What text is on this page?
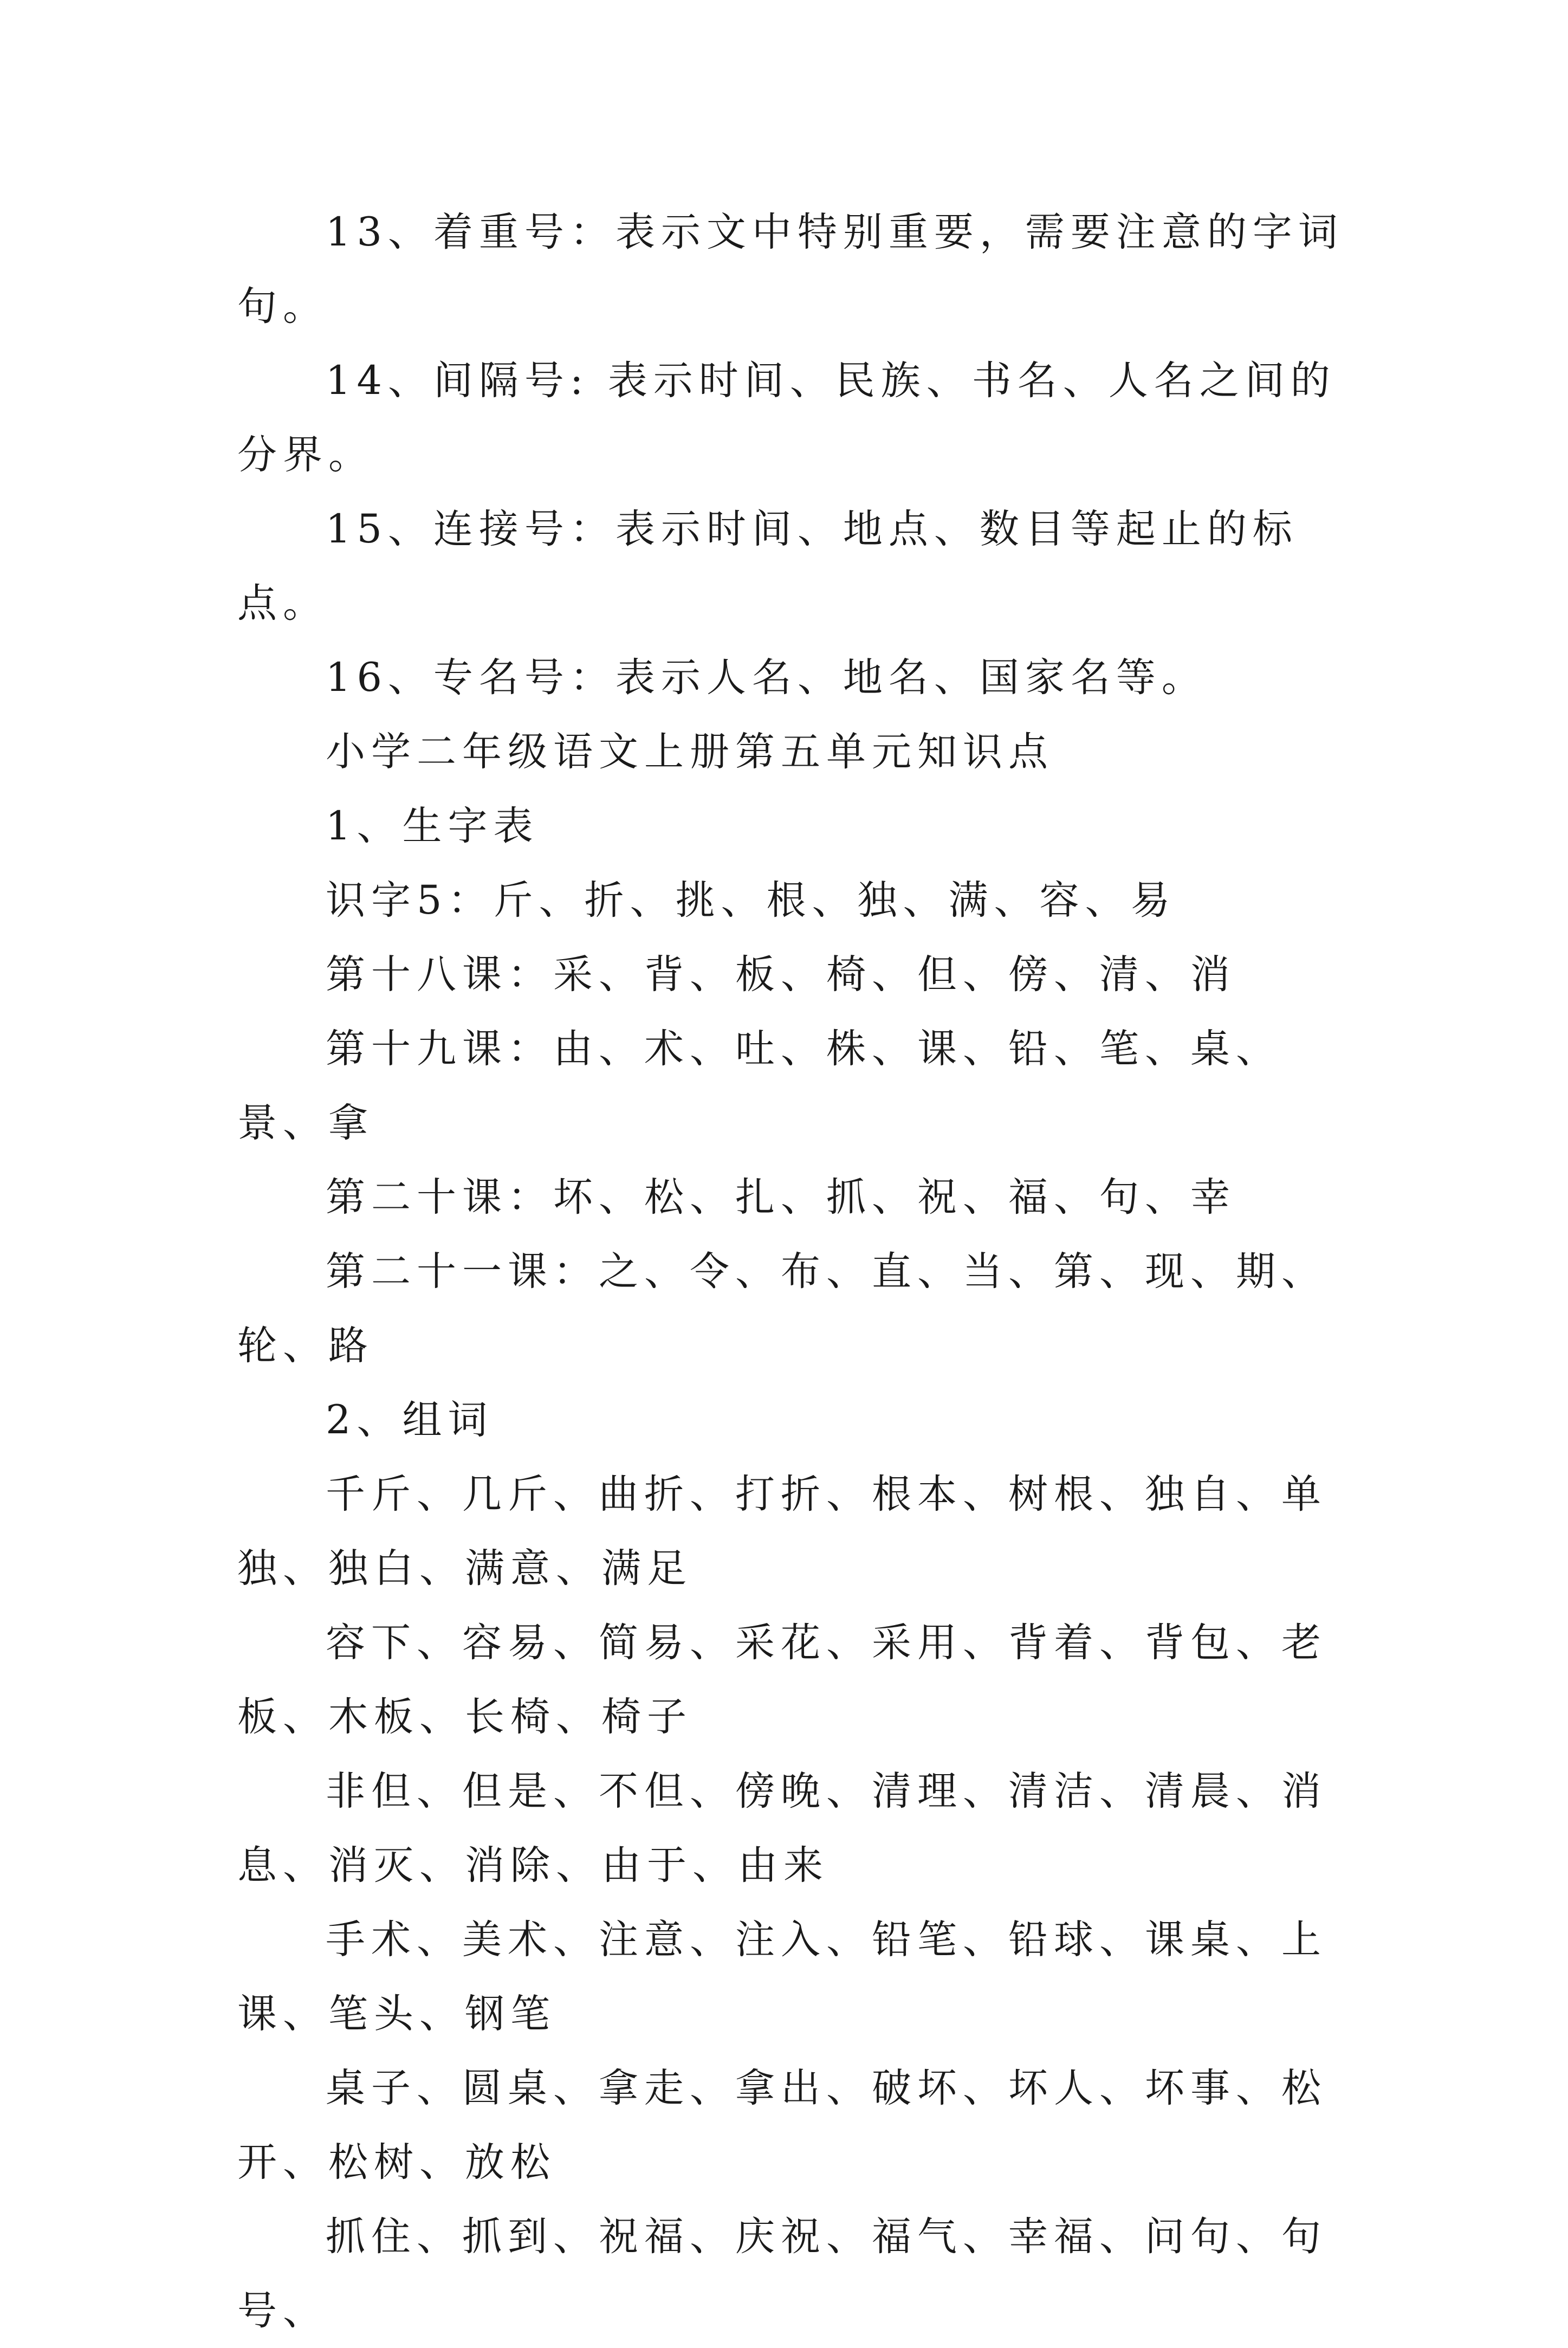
13、着重号：表示文中特别重要，需要注意的字词句。

14、间隔号: 表示时间、民族、书名、人名之间的分界。

15、连接号：表示时间、地点、数目等起止的标点。

16、专名号：表示人名、地名、国家名等。

小学二年级语文上册第五单元知识点

1、生字表

识字5：斤、折、挑、根、独、满、容、易

第十八课：采、背、板、椅、但、傍、清、消

第十九课：由、术、吐、株、课、铅、笔、桌、景、拿

第二十课：坏、松、扎、抓、祝、福、句、幸

第二十一课：之、令、布、直、当、第、现、期、轮、路

2、组词

千斤、几斤、曲折、打折、根本、树根、独自、单独、独白、满意、满足

容下、容易、简易、采花、采用、背着、背包、老板、木板、长椅、椅子

非但、但是、不但、傍晚、清理、清洁、清晨、消息、消灭、消除、由于、由来

手术、美术、注意、注入、铅笔、铅球、课桌、上课、笔头、钢笔

桌子、圆桌、拿走、拿出、破坏、坏人、坏事、松开、松树、放松

抓住、抓到、祝福、庆祝、福气、幸福、问句、句号、
